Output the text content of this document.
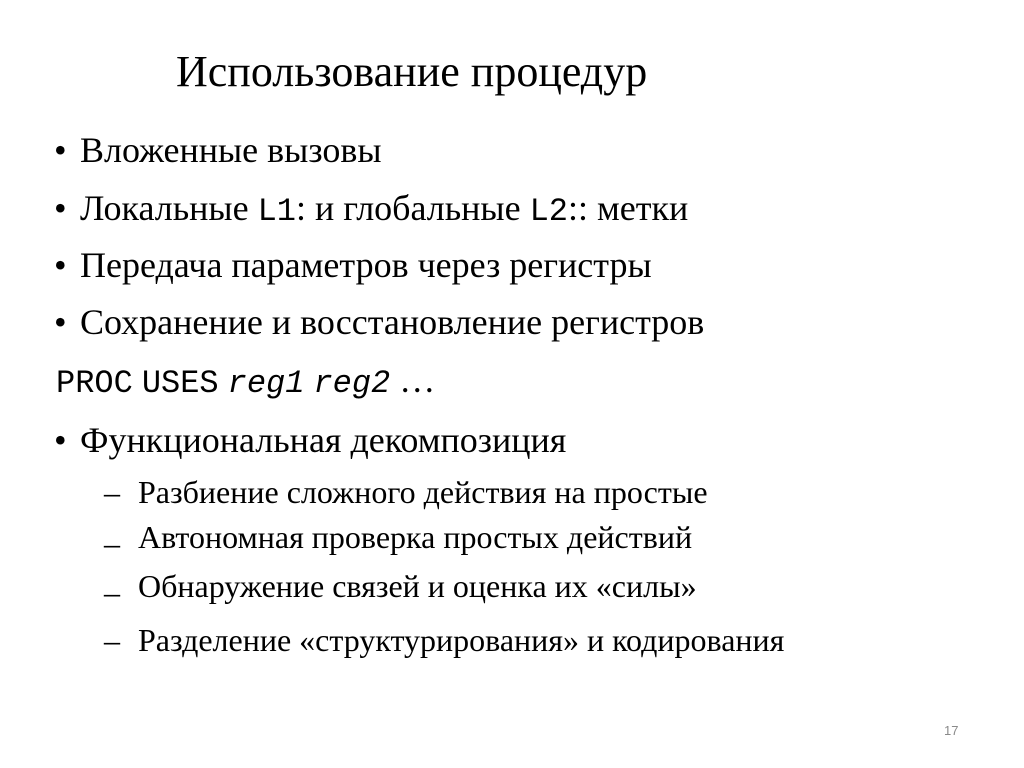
Использование процедур
• Вложенные вызовы
• Локальные L1: и глобальные L2:: метки
• Передача параметров через регистры
• Сохранение и восстановление регистров
PROC USES reg1 reg2 …
• Функциональная декомпозиция
– Разбиение сложного действия на простые
– Автономная проверка простых действий
– Обнаружение связей и оценка их «силы»
– Разделение «структурирования» и кодирования
17
